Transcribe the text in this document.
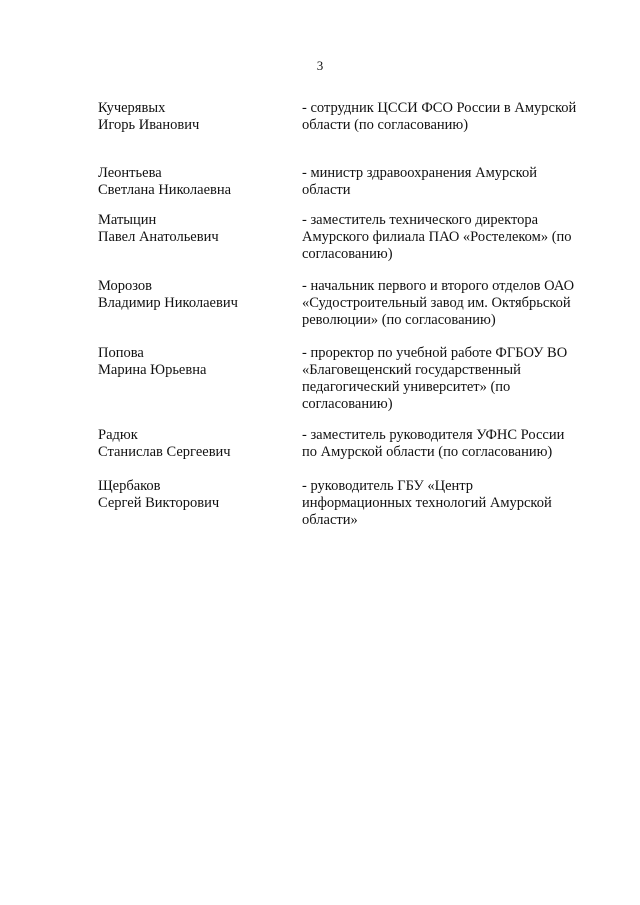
3
Кучерявых
Игорь Иванович
- сотрудник ЦССИ ФСО России в Амурской
области (по согласованию)
Леонтьева
Светлана Николаевна
- министр здравоохранения Амурской
области
Матыцин
Павел Анатольевич
- заместитель технического директора
Амурского филиала ПАО «Ростелеком» (по
согласованию)
Морозов
Владимир Николаевич
- начальник первого и второго отделов ОАО
«Судостроительный завод им. Октябрьской
революции» (по согласованию)
Попова
Марина Юрьевна
- проректор по учебной работе ФГБОУ ВО
«Благовещенский государственный
педагогический университет» (по
согласованию)
Радюк
Станислав Сергеевич
- заместитель руководителя УФНС России
по Амурской области (по согласованию)
Щербаков
Сергей Викторович
- руководитель ГБУ «Центр
информационных технологий Амурской
области»
